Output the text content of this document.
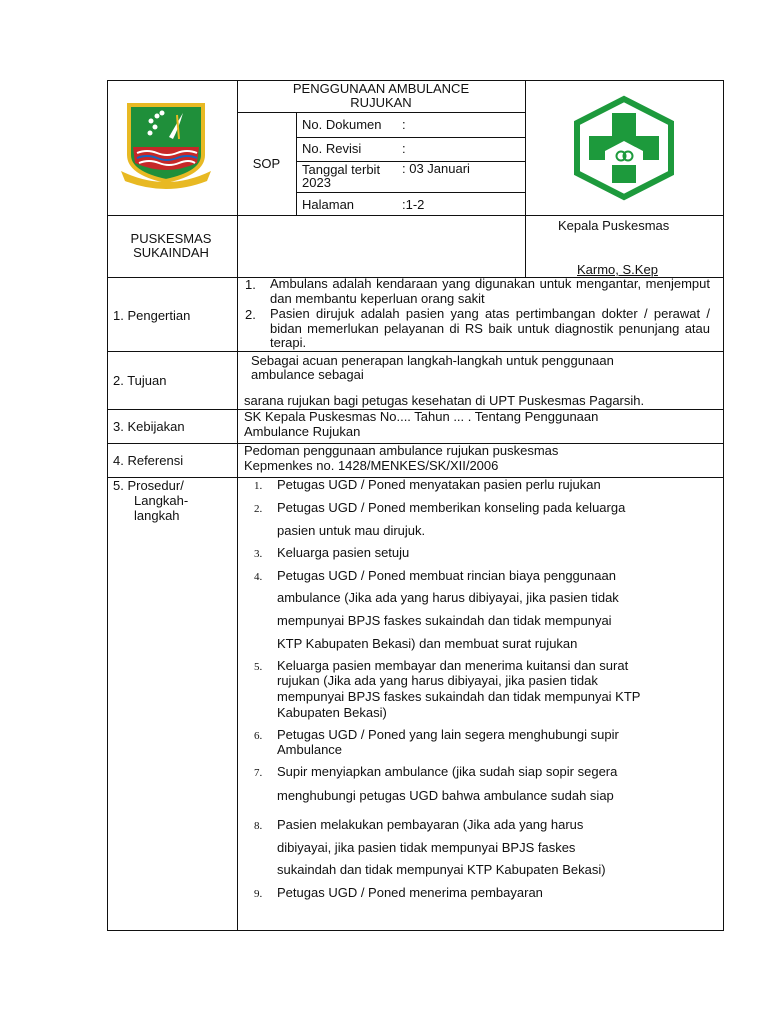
PENGGUNAAN AMBULANCE RUJUKAN
SOP
No. Dokumen :
No. Revisi	:
Tanggal terbit	: 03 Januari 2023
Halaman	:1-2
PUSKESMAS SUKAINDAH
Kepala Puskesmas
Karmo, S.Kep
1. Pengertian
1. Ambulans adalah kendaraan yang digunakan untuk mengantar, menjemput dan membantu keperluan orang sakit
2. Pasien dirujuk adalah pasien yang atas pertimbangan dokter / perawat / bidan memerlukan pelayanan di RS baik untuk diagnostik penunjang atau terapi.
2. Tujuan
Sebagai acuan penerapan langkah-langkah untuk penggunaan
ambulance sebagai
sarana rujukan bagi petugas kesehatan di UPT Puskesmas Pagarsih.
3. Kebijakan
SK Kepala Puskesmas No.... Tahun ... . Tentang Penggunaan
Ambulance Rujukan
4. Referensi
Pedoman penggunaan ambulance rujukan puskesmas
Kepmenkes no. 1428/MENKES/SK/XII/2006
5. Prosedur/
Langkah-
langkah
1. Petugas UGD / Poned menyatakan pasien perlu rujukan
2. Petugas UGD / Poned memberikan konseling pada keluarga
pasien untuk mau dirujuk.
3. Keluarga pasien setuju
4. Petugas UGD / Poned membuat rincian biaya penggunaan
ambulance (Jika ada yang harus dibiyayai, jika pasien tidak
mempunyai BPJS faskes sukaindah dan tidak mempunyai
KTP Kabupaten Bekasi) dan membuat surat rujukan
5. Keluarga pasien membayar dan menerima kuitansi dan surat
rujukan (Jika ada yang harus dibiyayai, jika pasien tidak
mempunyai BPJS faskes sukaindah dan tidak mempunyai KTP
Kabupaten Bekasi)
6. Petugas UGD / Poned yang lain segera menghubungi supir
Ambulance
7. Supir menyiapkan ambulance (jika sudah siap sopir segera
menghubungi petugas UGD bahwa ambulance sudah siap
8. Pasien melakukan pembayaran (Jika ada yang harus
dibiyayai, jika pasien tidak mempunyai BPJS faskes
sukaindah dan tidak mempunyai KTP Kabupaten Bekasi)
9. Petugas UGD / Poned menerima pembayaran
